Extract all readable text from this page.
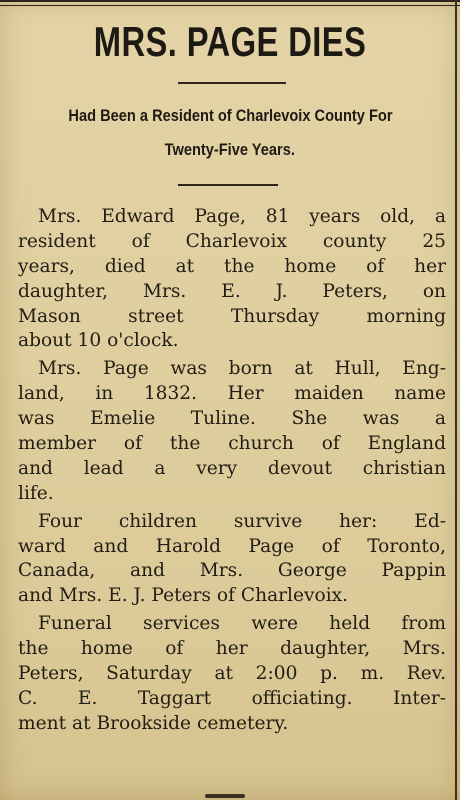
MRS. PAGE DIES
Had Been a Resident of Charlevoix County For
Twenty-Five Years.
Mrs. Edward Page, 81 years old, a
resident of Charlevoix county 25
years, died at the home of her
daughter, Mrs. E. J. Peters, on
Mason street Thursday morning
about 10 o'clock.
Mrs. Page was born at Hull, Eng-
land, in 1832. Her maiden name
was Emelie Tuline. She was a
member of the church of England
and lead a very devout christian
life.
Four children survive her: Ed-
ward and Harold Page of Toronto,
Canada, and Mrs. George Pappin
and Mrs. E. J. Peters of Charlevoix.
Funeral services were held from
the home of her daughter, Mrs.
Peters, Saturday at 2:00 p. m. Rev.
C. E. Taggart officiating. Inter-
ment at Brookside cemetery.
